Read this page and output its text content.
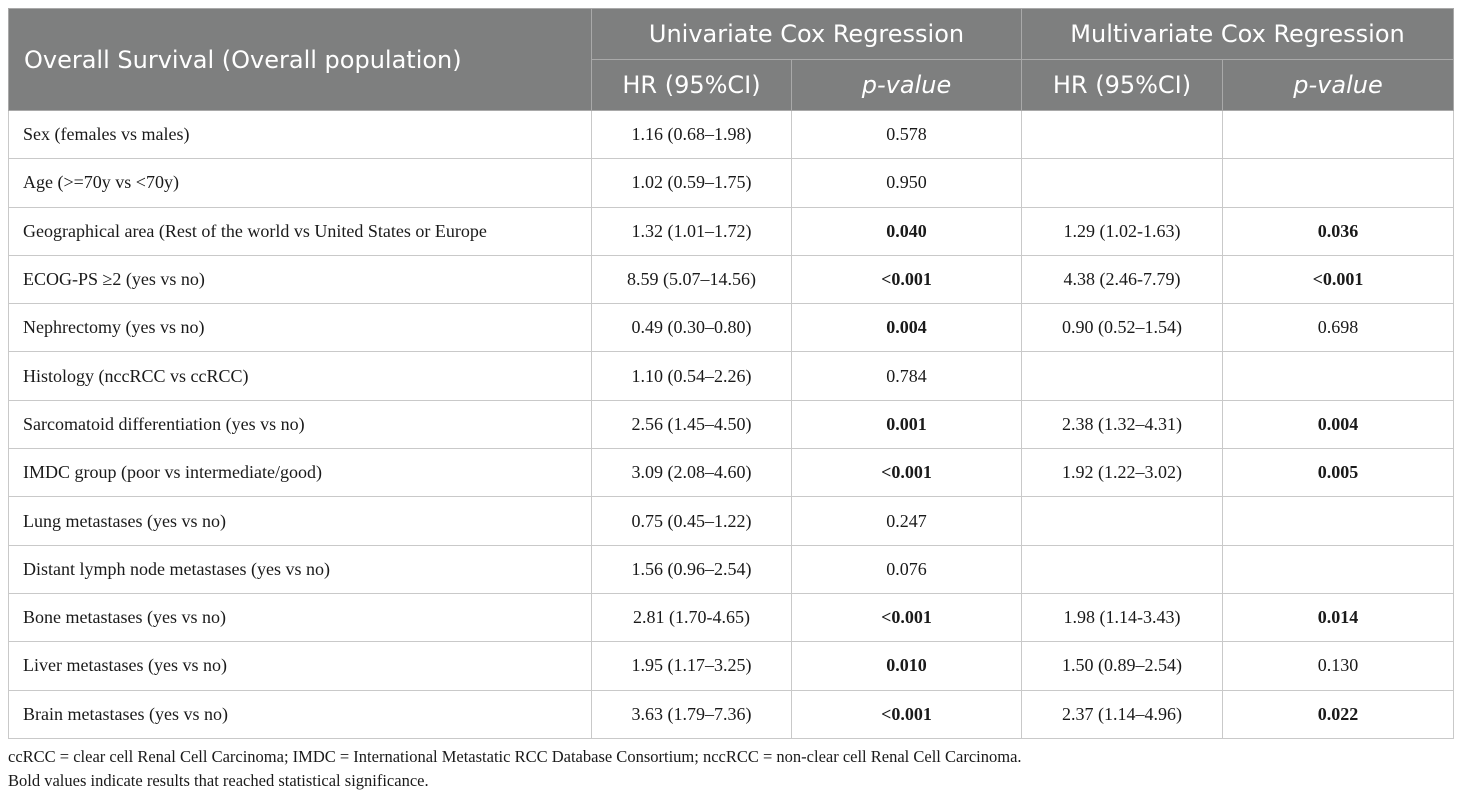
Overall Survival (Overall population)	Univariate Cox Regression		Multivariate Cox Regression	
	HR (95%CI)	p-value	HR (95%CI)	p-value
Sex (females vs males)	1.16 (0.68–1.98)	0.578		
Age (>=70y vs <70y)	1.02 (0.59–1.75)	0.950		
Geographical area (Rest of the world vs United States or Europe	1.32 (1.01–1.72)	0.040	1.29 (1.02-1.63)	0.036
ECOG-PS ≥2 (yes vs no)	8.59 (5.07–14.56)	<0.001	4.38 (2.46-7.79)	<0.001
Nephrectomy (yes vs no)	0.49 (0.30–0.80)	0.004	0.90 (0.52–1.54)	0.698
Histology (nccRCC vs ccRCC)	1.10 (0.54–2.26)	0.784		
Sarcomatoid differentiation (yes vs no)	2.56 (1.45–4.50)	0.001	2.38 (1.32–4.31)	0.004
IMDC group (poor vs intermediate/good)	3.09 (2.08–4.60)	<0.001	1.92 (1.22–3.02)	0.005
Lung metastases (yes vs no)	0.75 (0.45–1.22)	0.247		
Distant lymph node metastases (yes vs no)	1.56 (0.96–2.54)	0.076		
Bone metastases (yes vs no)	2.81 (1.70-4.65)	<0.001	1.98 (1.14-3.43)	0.014
Liver metastases (yes vs no)	1.95 (1.17–3.25)	0.010	1.50 (0.89–2.54)	0.130
Brain metastases (yes vs no)	3.63 (1.79–7.36)	<0.001	2.37 (1.14–4.96)	0.022
ccRCC = clear cell Renal Cell Carcinoma; IMDC = International Metastatic RCC Database Consortium; nccRCC = non-clear cell Renal Cell Carcinoma.
Bold values indicate results that reached statistical significance.
